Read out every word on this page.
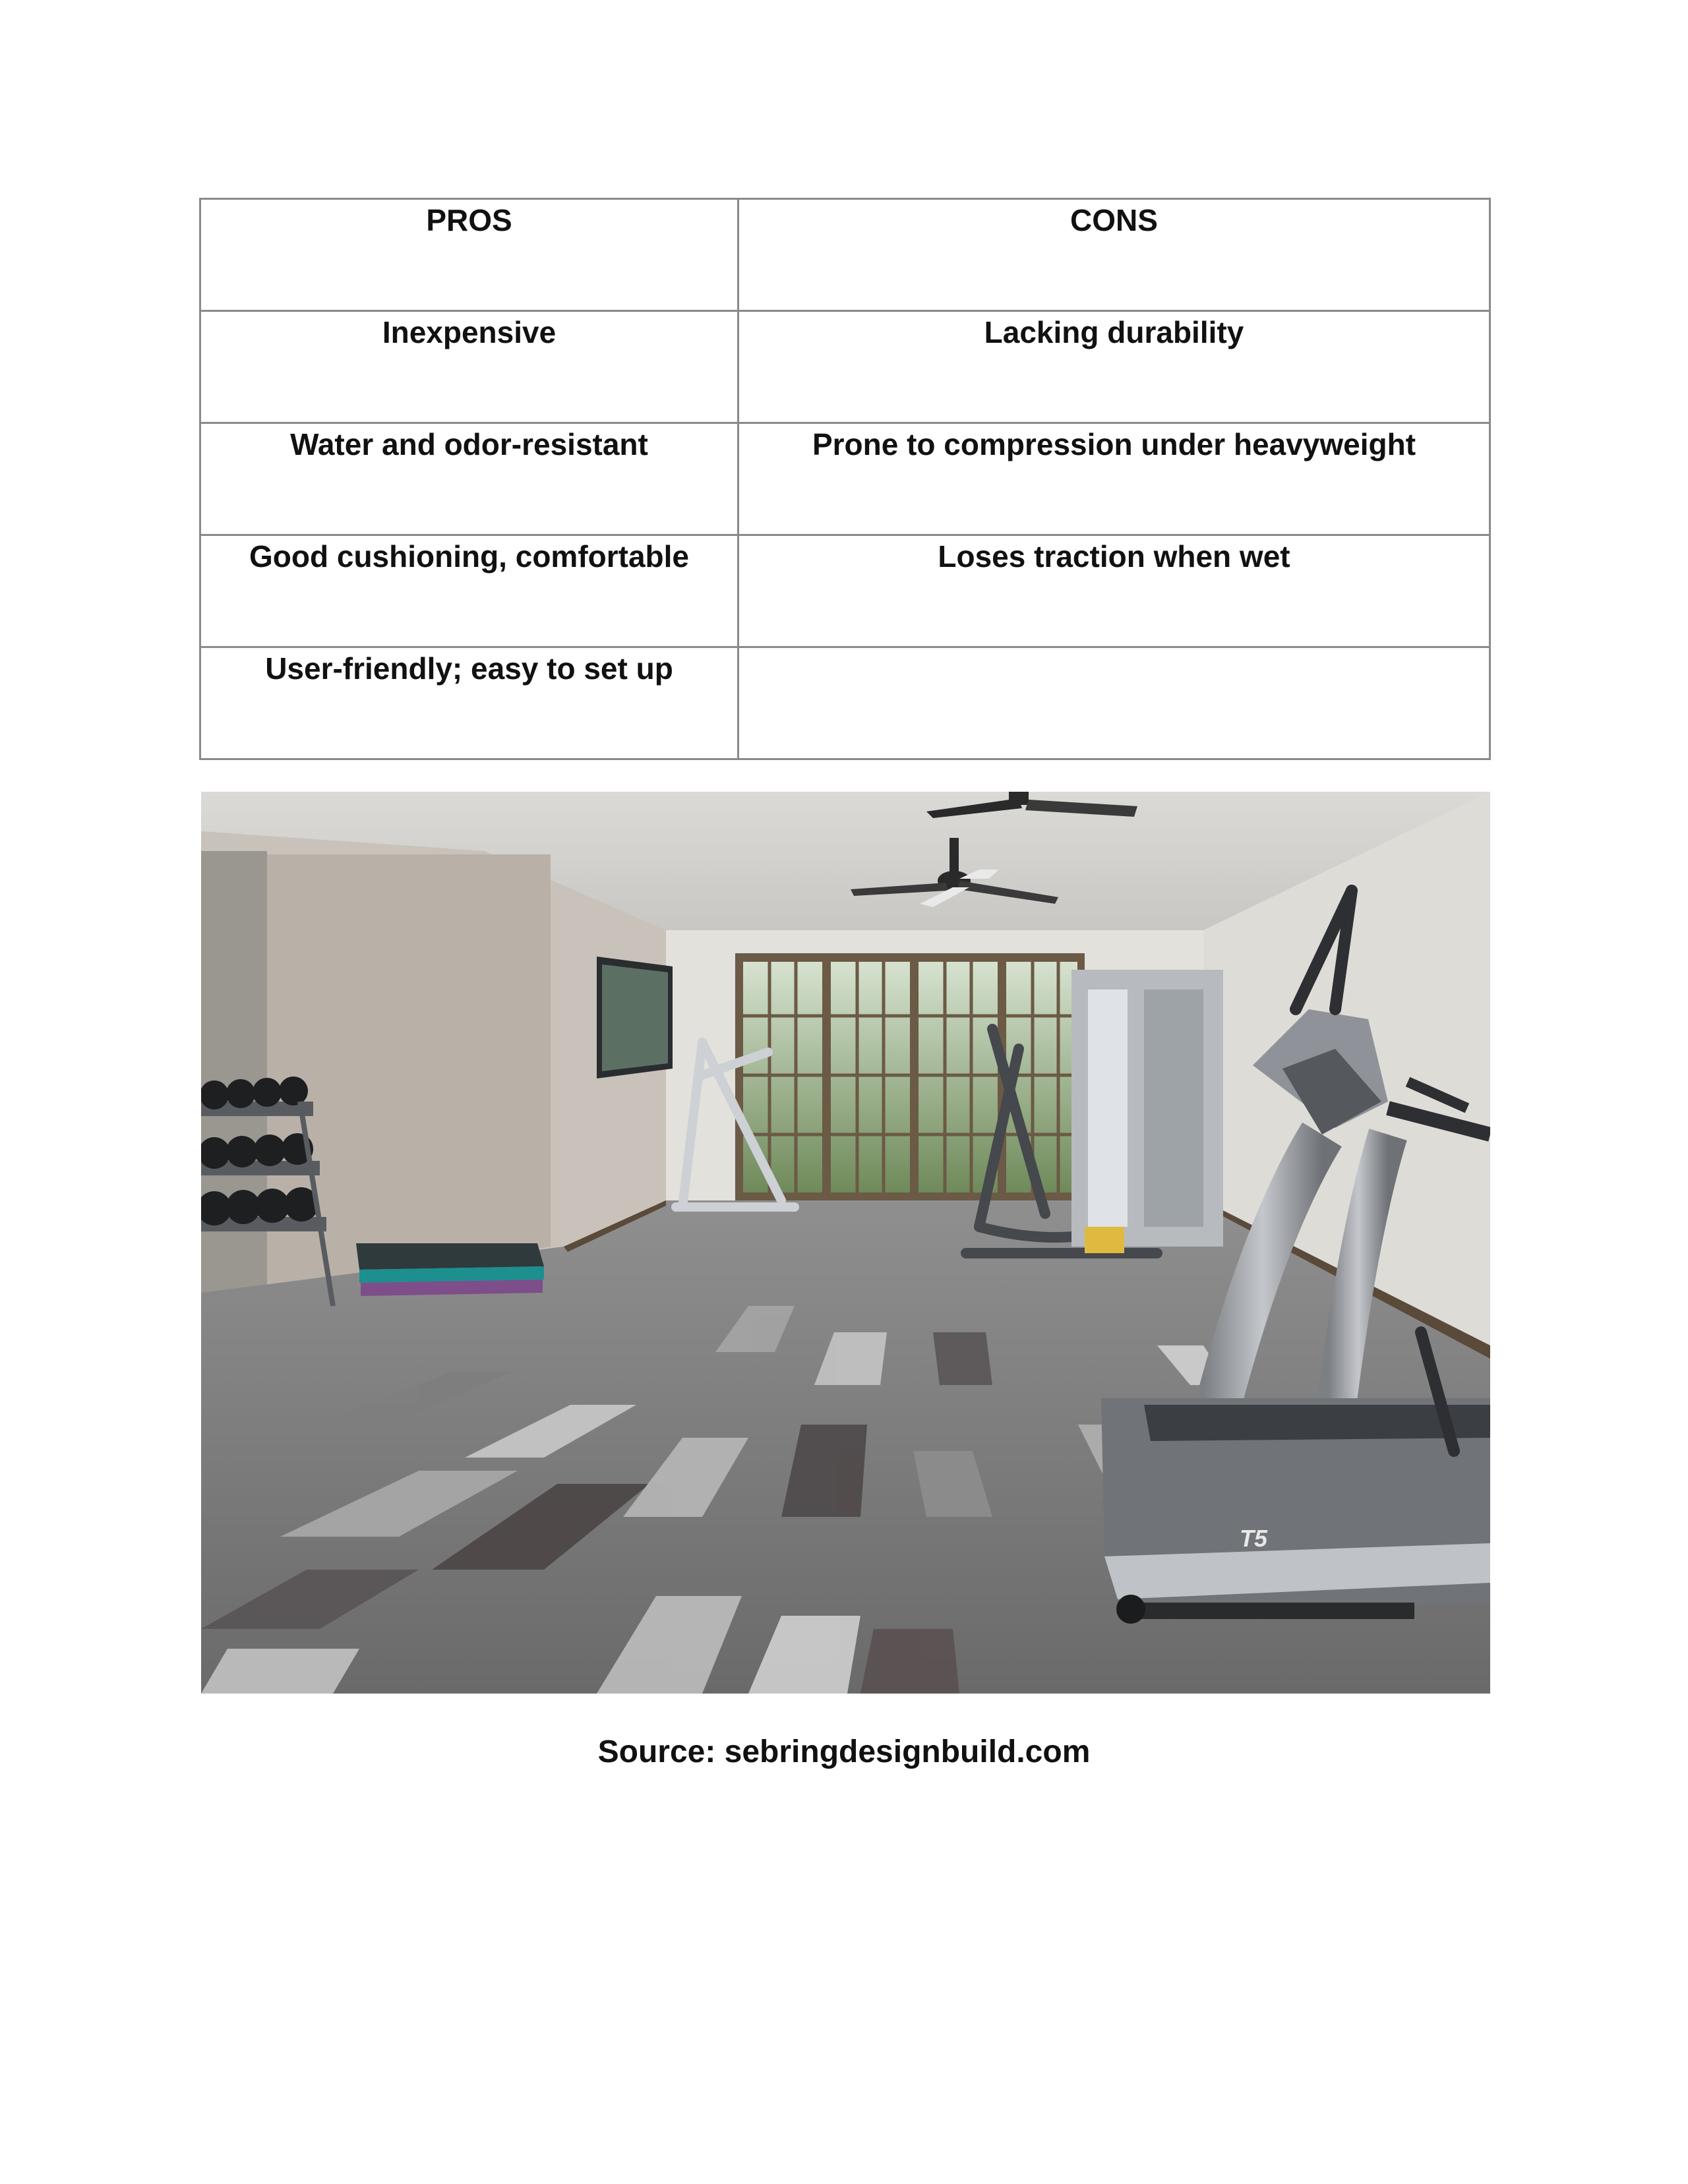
PROS	CONS

Inexpensive	Lacking durability

Water and odor-resistant	Prone to compression under heavyweight

Good cushioning, comfortable	Loses traction when wet

User-friendly; easy to set up	

T5
Source: sebringdesignbuild.com
